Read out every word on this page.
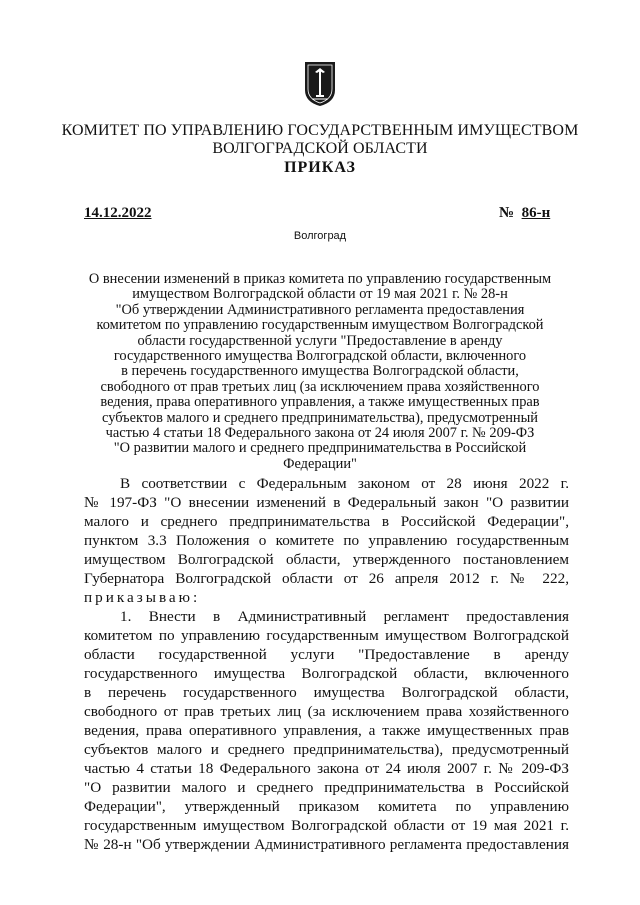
КОМИТЕТ ПО УПРАВЛЕНИЮ ГОСУДАРСТВЕННЫМ ИМУЩЕСТВОМ
ВОЛГОГРАДСКОЙ ОБЛАСТИ
ПРИКАЗ
14.12.2022	№ 86-н
Волгоград
О внесении изменений в приказ комитета по управлению государственным
имуществом Волгоградской области от 19 мая 2021 г. № 28-н
"Об утверждении Административного регламента предоставления
комитетом по управлению государственным имуществом Волгоградской
области государственной услуги "Предоставление в аренду
государственного имущества Волгоградской области, включенного
в перечень государственного имущества Волгоградской области,
свободного от прав третьих лиц (за исключением права хозяйственного
ведения, права оперативного управления, а также имущественных прав
субъектов малого и среднего предпринимательства), предусмотренный
частью 4 статьи 18 Федерального закона от 24 июля 2007 г. № 209-ФЗ
"О развитии малого и среднего предпринимательства в Российской
Федерации"
В соответствии с Федеральным законом от 28 июня 2022 г.
№ 197-ФЗ "О внесении изменений в Федеральный закон "О развитии
малого и среднего предпринимательства в Российской Федерации",
пунктом 3.3 Положения о комитете по управлению государственным
имуществом Волгоградской области, утвержденного постановлением
Губернатора Волгоградской области от 26 апреля 2012 г. № 222,
приказываю:
1. Внести в Административный регламент предоставления
комитетом по управлению государственным имуществом Волгоградской
области государственной услуги "Предоставление в аренду
государственного имущества Волгоградской области, включенного
в перечень государственного имущества Волгоградской области,
свободного от прав третьих лиц (за исключением права хозяйственного
ведения, права оперативного управления, а также имущественных прав
субъектов малого и среднего предпринимательства), предусмотренный
частью 4 статьи 18 Федерального закона от 24 июля 2007 г. № 209-ФЗ
"О развитии малого и среднего предпринимательства в Российской
Федерации", утвержденный приказом комитета по управлению
государственным имуществом Волгоградской области от 19 мая 2021 г.
№ 28-н "Об утверждении Административного регламента предоставления
